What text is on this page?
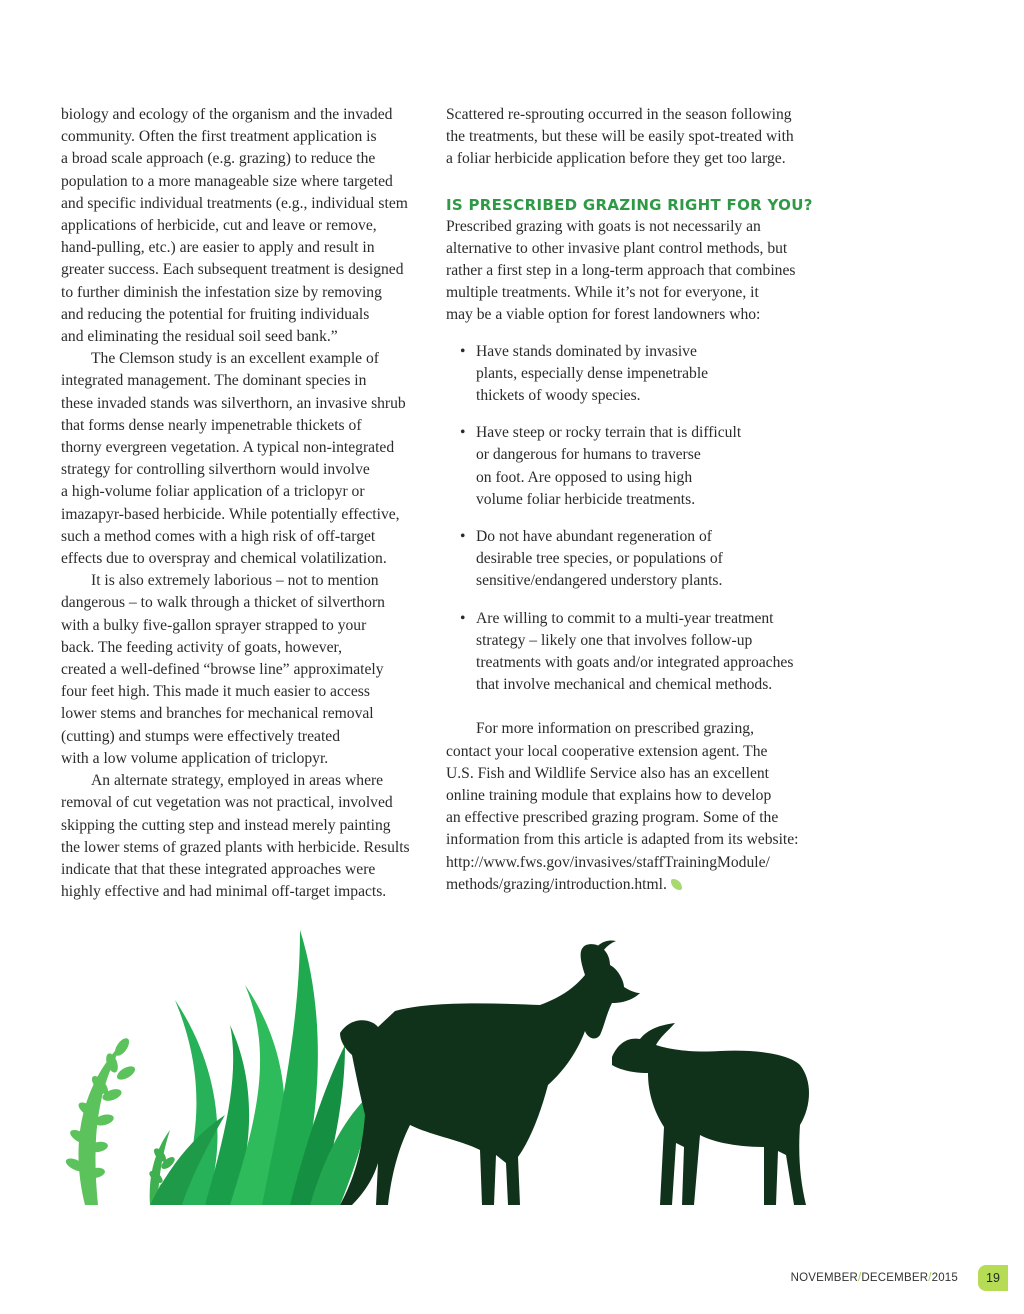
biology and ecology of the organism and the invaded
community. Often the first treatment application is
a broad scale approach (e.g. grazing) to reduce the
population to a more manageable size where targeted
and specific individual treatments (e.g., individual stem
applications of herbicide, cut and leave or remove,
hand-pulling, etc.) are easier to apply and result in
greater success. Each subsequent treatment is designed
to further diminish the infestation size by removing
and reducing the potential for fruiting individuals
and eliminating the residual soil seed bank.”
The Clemson study is an excellent example of
integrated management. The dominant species in
these invaded stands was silverthorn, an invasive shrub
that forms dense nearly impenetrable thickets of
thorny evergreen vegetation. A typical non-integrated
strategy for controlling silverthorn would involve
a high-volume foliar application of a triclopyr or
imazapyr-based herbicide. While potentially effective,
such a method comes with a high risk of off-target
effects due to overspray and chemical volatilization.
It is also extremely laborious – not to mention
dangerous – to walk through a thicket of silverthorn
with a bulky five-gallon sprayer strapped to your
back. The feeding activity of goats, however,
created a well-defined “browse line” approximately
four feet high. This made it much easier to access
lower stems and branches for mechanical removal
(cutting) and stumps were effectively treated
with a low volume application of triclopyr.
An alternate strategy, employed in areas where
removal of cut vegetation was not practical, involved
skipping the cutting step and instead merely painting
the lower stems of grazed plants with herbicide. Results
indicate that that these integrated approaches were
highly effective and had minimal off-target impacts.
Scattered re-sprouting occurred in the season following
the treatments, but these will be easily spot-treated with
a foliar herbicide application before they get too large.
IS PRESCRIBED GRAZING RIGHT FOR YOU?
Prescribed grazing with goats is not necessarily an
alternative to other invasive plant control methods, but
rather a first step in a long-term approach that combines
multiple treatments. While it’s not for everyone, it
may be a viable option for forest landowners who:
• Have stands dominated by invasive
plants, especially dense impenetrable
thickets of woody species.
• Have steep or rocky terrain that is difficult
or dangerous for humans to traverse
on foot. Are opposed to using high
volume foliar herbicide treatments.
• Do not have abundant regeneration of
desirable tree species, or populations of
sensitive/endangered understory plants.
• Are willing to commit to a multi-year treatment
strategy – likely one that involves follow-up
treatments with goats and/or integrated approaches
that involve mechanical and chemical methods.
For more information on prescribed grazing,
contact your local cooperative extension agent. The
U.S. Fish and Wildlife Service also has an excellent
online training module that explains how to develop
an effective prescribed grazing program. Some of the
information from this article is adapted from its website:
http://www.fws.gov/invasives/staffTrainingModule/
methods/grazing/introduction.html.
NOVEMBER/DECEMBER/2015	19
